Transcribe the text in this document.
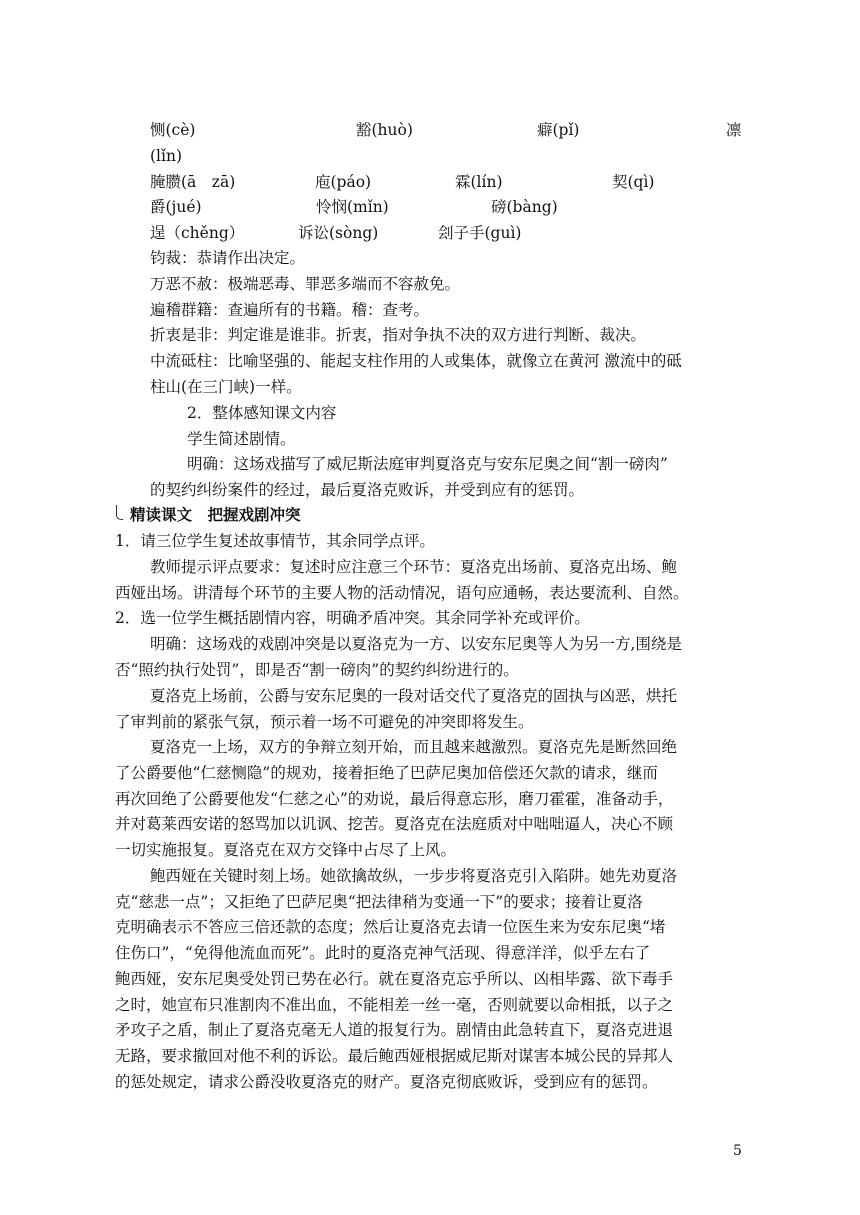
恻(cè)	豁(huò)	癖(pǐ)	凛
(lǐn)
腌臜(ā　zā)	庖(páo)	霖(lín)	契(qì)
爵(jué)	怜悯(mǐn)	磅(bàng)
逞（chěng）	诉讼(sòng)	刽子手(guì)
钧裁：恭请作出决定。
万恶不赦：极端恶毒、罪恶多端而不容赦免。
遍稽群籍：查遍所有的书籍。稽：查考。
折衷是非：判定谁是谁非。折衷，指对争执不决的双方进行判断、裁决。
中流砥柱：比喻坚强的、能起支柱作用的人或集体，就像立在黄河 激流中的砥
柱山(在三门峡)一样。
2．整体感知课文内容
学生简述剧情。
明确：这场戏描写了威尼斯法庭审判夏洛克与安东尼奥之间“割一磅肉”
的契约纠纷案件的经过，最后夏洛克败诉，并受到应有的惩罚。
精读课文　把握戏剧冲突
1．请三位学生复述故事情节，其余同学点评。
教师提示评点要求：复述时应注意三个环节：夏洛克出场前、夏洛克出场、鲍
西娅出场。讲清每个环节的主要人物的活动情况，语句应通畅，表达要流利、自然。
2．选一位学生概括剧情内容，明确矛盾冲突。其余同学补充或评价。
明确：这场戏的戏剧冲突是以夏洛克为一方、以安东尼奥等人为另一方,围绕是
否“照约执行处罚”，即是否“割一磅肉”的契约纠纷进行的。
夏洛克上场前，公爵与安东尼奥的一段对话交代了夏洛克的固执与凶恶，烘托
了审判前的紧张气氛，预示着一场不可避免的冲突即将发生。
夏洛克一上场，双方的争辩立刻开始，而且越来越激烈。夏洛克先是断然回绝
了公爵要他“仁慈恻隐”的规劝，接着拒绝了巴萨尼奥加倍偿还欠款的请求，继而
再次回绝了公爵要他发“仁慈之心”的劝说，最后得意忘形，磨刀霍霍，准备动手，
并对葛莱西安诺的怒骂加以讥讽、挖苦。夏洛克在法庭质对中咄咄逼人，决心不顾
一切实施报复。夏洛克在双方交锋中占尽了上风。
鲍西娅在关键时刻上场。她欲擒故纵，一步步将夏洛克引入陷阱。她先劝夏洛
克“慈悲一点”；又拒绝了巴萨尼奥“把法律稍为变通一下”的要求；接着让夏洛
克明确表示不答应三倍还款的态度；然后让夏洛克去请一位医生来为安东尼奥“堵
住伤口”，“免得他流血而死”。此时的夏洛克神气活现、得意洋洋，似乎左右了
鲍西娅，安东尼奥受处罚已势在必行。就在夏洛克忘乎所以、凶相毕露、欲下毒手
之时，她宣布只准割肉不准出血，不能相差一丝一毫，否则就要以命相抵，以子之
矛攻子之盾，制止了夏洛克毫无人道的报复行为。剧情由此急转直下，夏洛克进退
无路，要求撤回对他不利的诉讼。最后鲍西娅根据威尼斯对谋害本城公民的异邦人
的惩处规定，请求公爵没收夏洛克的财产。夏洛克彻底败诉，受到应有的惩罚。
5
